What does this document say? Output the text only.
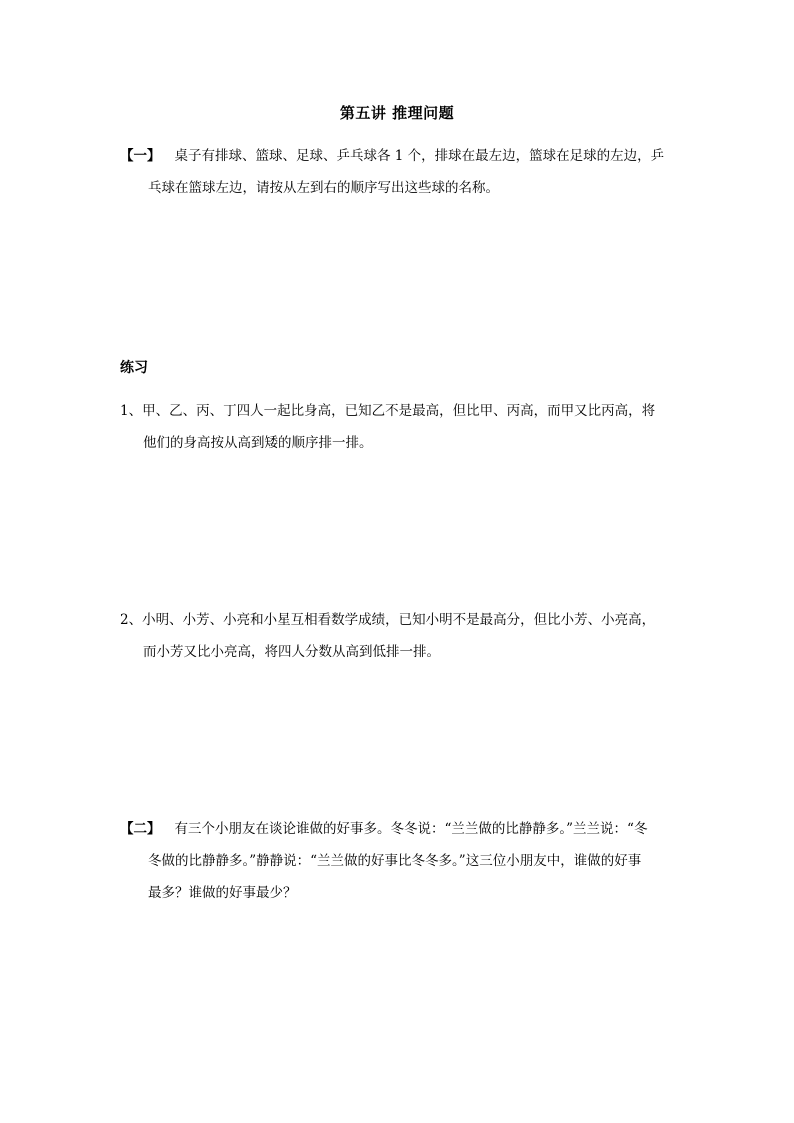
第五讲 推理问题
【一】 桌子有排球、篮球、足球、乒乓球各 1 个，排球在最左边，篮球在足球的左边，乒
乓球在篮球左边，请按从左到右的顺序写出这些球的名称。
练习
1、甲、乙、丙、丁四人一起比身高，已知乙不是最高，但比甲、丙高，而甲又比丙高，将
他们的身高按从高到矮的顺序排一排。
2、小明、小芳、小亮和小星互相看数学成绩，已知小明不是最高分，但比小芳、小亮高，
而小芳又比小亮高，将四人分数从高到低排一排。
【二】 有三个小朋友在谈论谁做的好事多。冬冬说：“兰兰做的比静静多。”兰兰说：“冬
冬做的比静静多。”静静说：“兰兰做的好事比冬冬多。”这三位小朋友中，谁做的好事
最多？谁做的好事最少？
